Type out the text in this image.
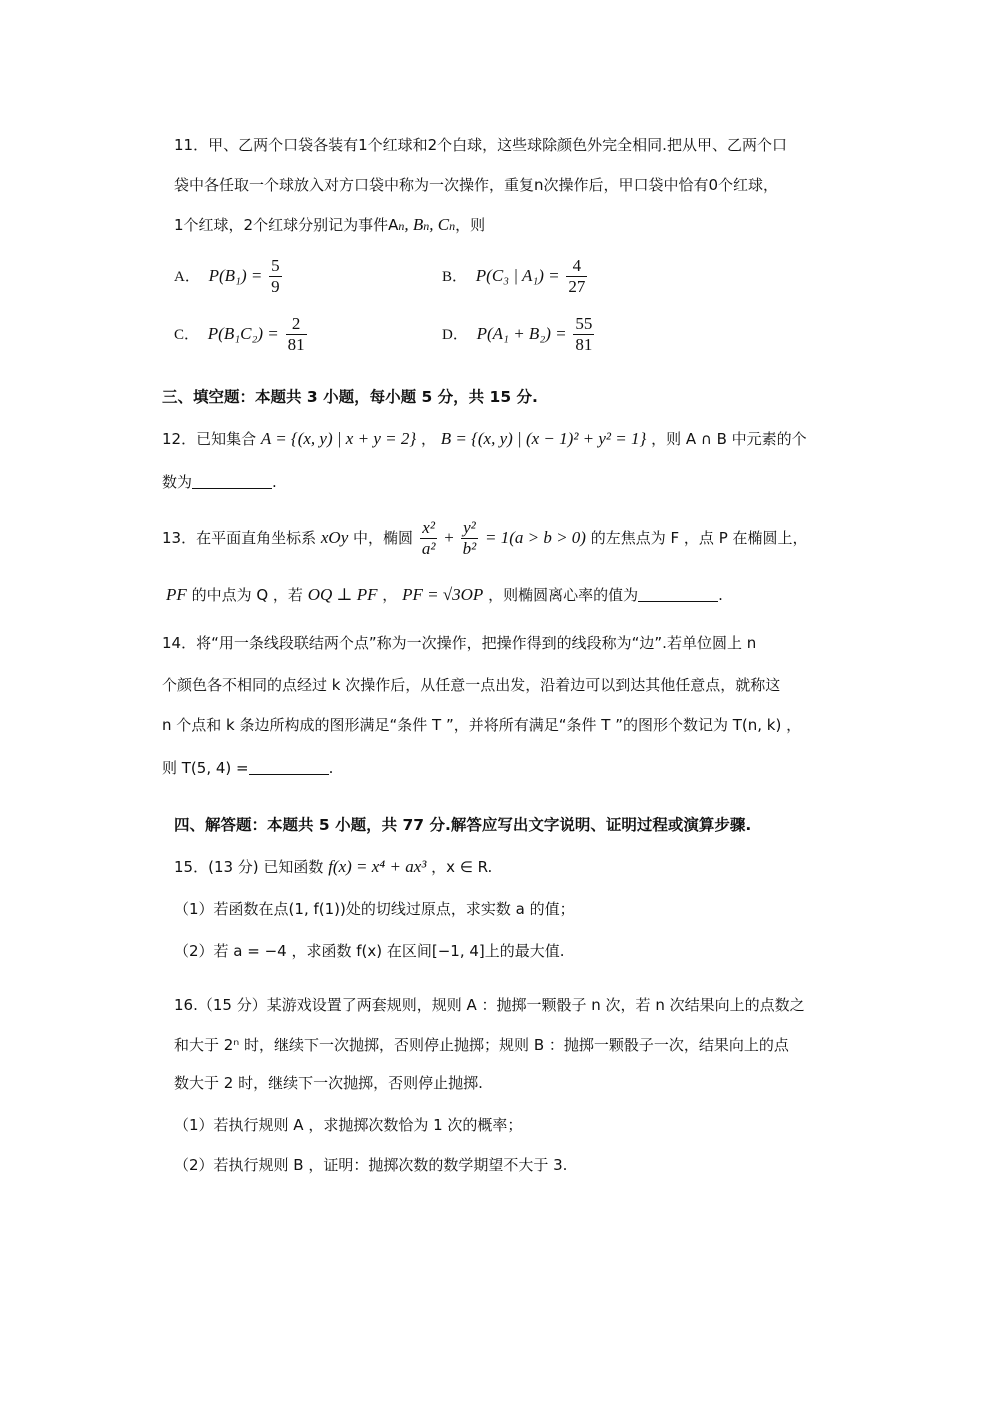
11．甲、乙两个口袋各装有1个红球和2个白球，这些球除颜色外完全相同.把从甲、乙两个口
袋中各任取一个球放入对方口袋中称为一次操作，重复n次操作后，甲口袋中恰有0个红球，
1个红球，2个红球分别记为事件An, Bn, Cn，则
A． $P(B_1) = \frac{5}{9}$	B． P(C₃ | $A_1) = \frac{4}{27}$
C． $P(B_1C_2) = \frac{2}{81}$	D． $P(A_1 + B_2) = \frac{55}{81}$
三、填空题：本题共 3 小题，每小题 5 分，共 15 分.
12．已知集合 A = {(x, y) | x + y = 2} ， B = {(x, y) | (x − 1)² + y² = 1} ，则 A ∩ B 中元素的个
数为	.
13．在平面直角坐标系 xOy 中，椭圆 $\frac{\text{x²}}{\text{a²}} + \frac{\text{y²}}{\text{b²}} = 1(a > b > 0)$ 的左焦点为 F ，点 P 在椭圆上，
PF 的中点为 Q ，若 OQ ⊥ PF ， PF = √3OP ，则椭圆离心率的值为	.
14．将“用一条线段联结两个点”称为一次操作，把操作得到的线段称为“边”.若单位圆上 n
个颜色各不相同的点经过 k 次操作后，从任意一点出发，沿着边可以到达其他任意点，就称这
n 个点和 k 条边所构成的图形满足“条件 T ”，并将所有满足“条件 T ”的图形个数记为 T(n, k) ，
则 T(5, 4) =	.
四、解答题：本题共 5 小题，共 77 分.解答应写出文字说明、证明过程或演算步骤.
15．(13 分) 已知函数 f(x) = x⁴ + ax³ ，x ∈ R.
（1）若函数在点(1, f(1))处的切线过原点，求实数 a 的值；
（2）若 a = −4 ，求函数 f(x) 在区间[−1, 4]上的最大值.
16.（15 分）某游戏设置了两套规则，规则 A ：抛掷一颗骰子 n 次，若 n 次结果向上的点数之
和大于 2ⁿ 时，继续下一次抛掷，否则停止抛掷；规则 B ：抛掷一颗骰子一次，结果向上的点
数大于 2 时，继续下一次抛掷，否则停止抛掷.
（1）若执行规则 A ，求抛掷次数恰为 1 次的概率；
（2）若执行规则 B ，证明：抛掷次数的数学期望不大于 3.
